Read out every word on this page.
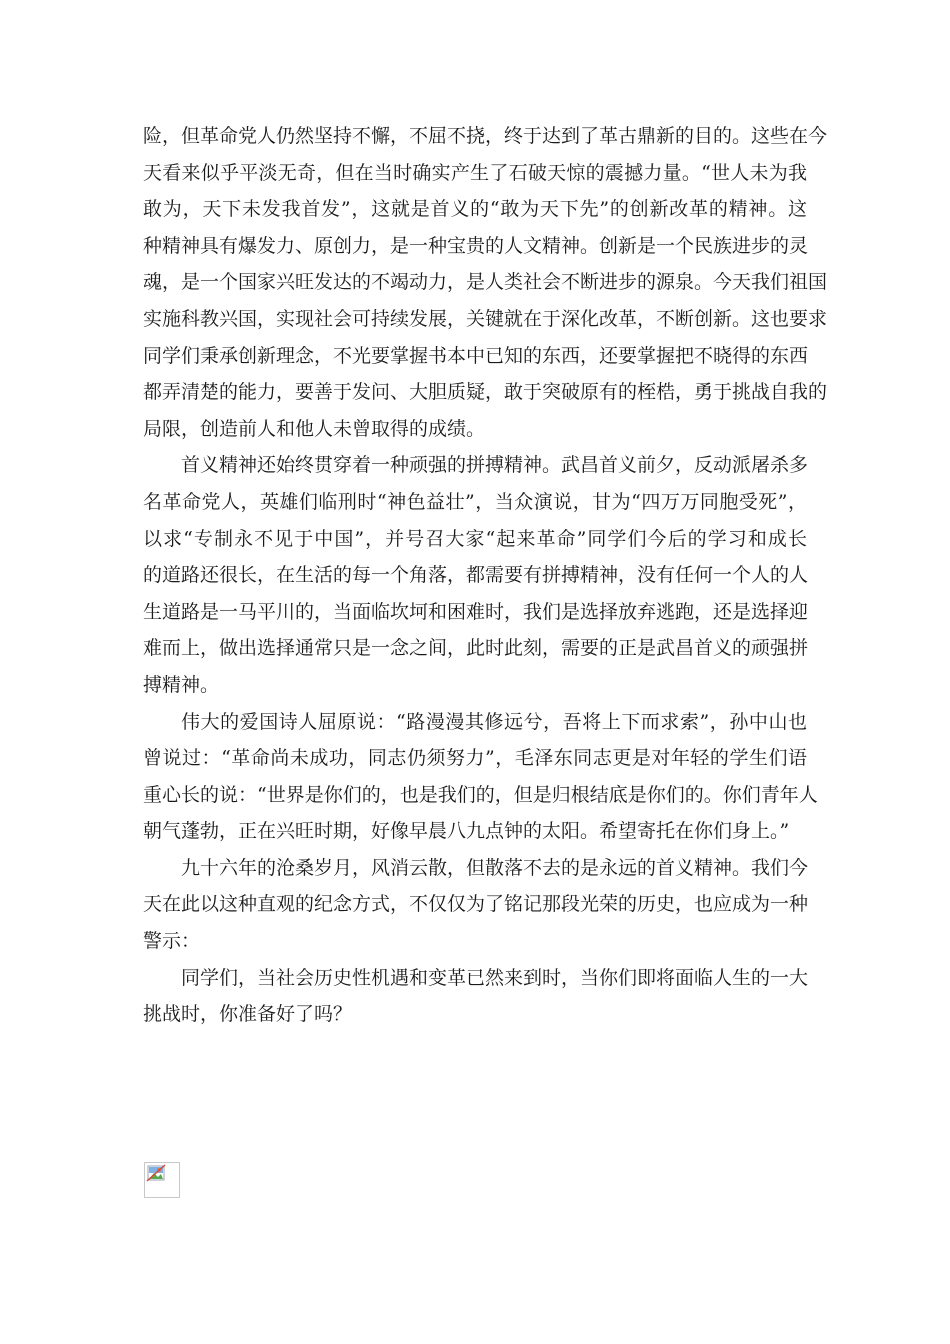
险，但革命党人仍然坚持不懈，不屈不挠，终于达到了革古鼎新的目的。这些在今
天看来似乎平淡无奇，但在当时确实产生了石破天惊的震撼力量。“世人未为我
敢为，天下未发我首发”，这就是首义的“敢为天下先”的创新改革的精神。这
种精神具有爆发力、原创力，是一种宝贵的人文精神。创新是一个民族进步的灵
魂，是一个国家兴旺发达的不竭动力，是人类社会不断进步的源泉。今天我们祖国
实施科教兴国，实现社会可持续发展，关键就在于深化改革，不断创新。这也要求
同学们秉承创新理念，不光要掌握书本中已知的东西，还要掌握把不晓得的东西
都弄清楚的能力，要善于发问、大胆质疑，敢于突破原有的桎梏，勇于挑战自我的
局限，创造前人和他人未曾取得的成绩。
首义精神还始终贯穿着一种顽强的拼搏精神。武昌首义前夕，反动派屠杀多
名革命党人，英雄们临刑时“神色益壮”，当众演说，甘为“四万万同胞受死”，
以求“专制永不见于中国”，并号召大家“起来革命”同学们今后的学习和成长
的道路还很长，在生活的每一个角落，都需要有拼搏精神，没有任何一个人的人
生道路是一马平川的，当面临坎坷和困难时，我们是选择放弃逃跑，还是选择迎
难而上，做出选择通常只是一念之间，此时此刻，需要的正是武昌首义的顽强拼
搏精神。
伟大的爱国诗人屈原说：“路漫漫其修远兮，吾将上下而求索”，孙中山也
曾说过：“革命尚未成功，同志仍须努力”，毛泽东同志更是对年轻的学生们语
重心长的说：“世界是你们的，也是我们的，但是归根结底是你们的。你们青年人
朝气蓬勃，正在兴旺时期，好像早晨八九点钟的太阳。希望寄托在你们身上。”
九十六年的沧桑岁月，风消云散，但散落不去的是永远的首义精神。我们今
天在此以这种直观的纪念方式，不仅仅为了铭记那段光荣的历史，也应成为一种
警示：
同学们，当社会历史性机遇和变革已然来到时，当你们即将面临人生的一大
挑战时，你准备好了吗？
